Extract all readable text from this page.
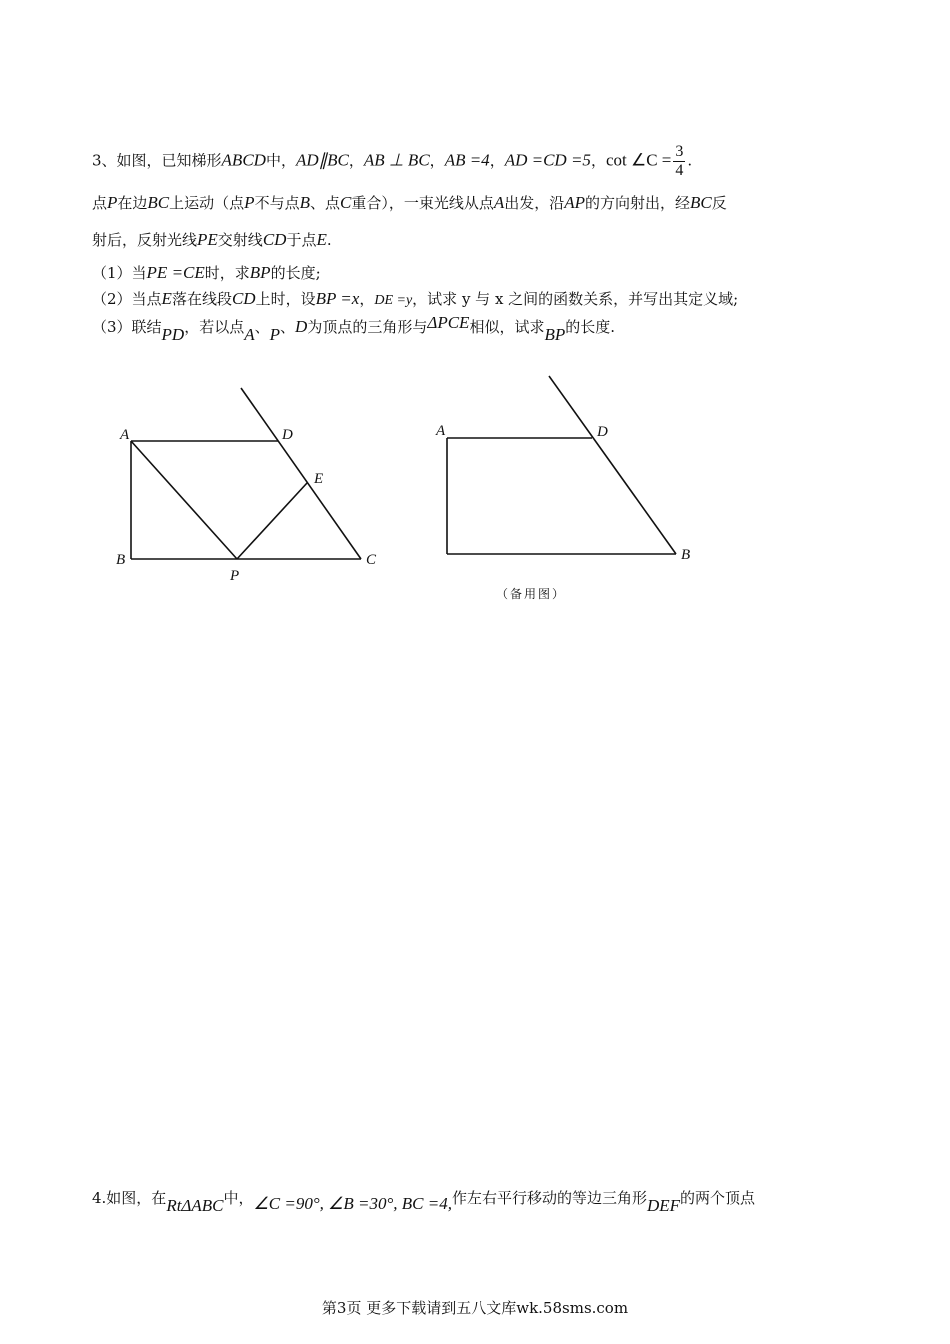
3、如图，已知梯形ABCD中，AD∥BC，AB ⊥ BC，AB =4，AD =CD =5，cot ∠C = $\frac{3}{4}$ .
点P在边BC上运动（点P不与点B、点C重合），一束光线从点A出发，沿AP的方向射出，经BC反
射后，反射光线PE交射线CD于点E.
（1）当PE =CE时，求BP的长度;
（2）当点E落在线段CD上时，设BP =x，DE =y，试求 y 与 x 之间的函数关系，并写出其定义域;
（3）联结PD，若以点A、P、D为顶点的三角形与ΔPCE相似，试求BP的长度.
A	D
E
B
P
C
A	D
B
（备用图）
4.如图，在RtΔABC中，∠C =90°, ∠B =30°, BC =4,作左右平行移动的等边三角形DEF的两个顶点
第3页 更多下载请到五八文库wk.58sms.com
